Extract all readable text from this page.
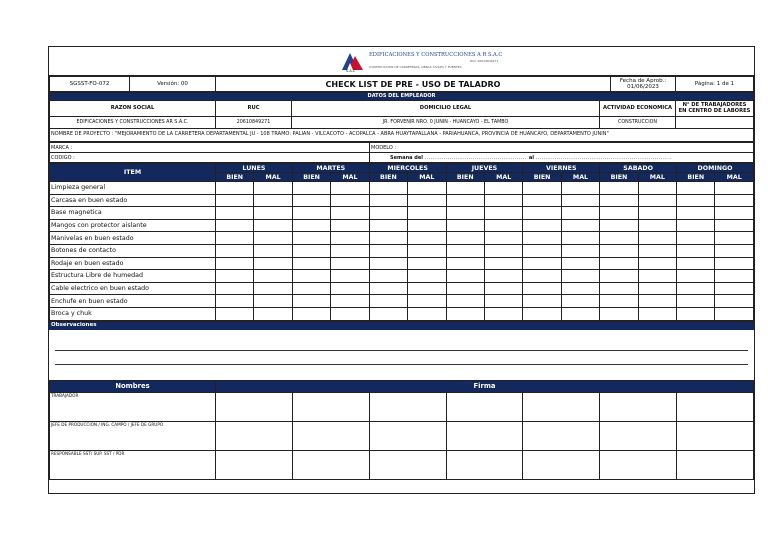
EDIFICACIONES Y CONSTRUCCIONES A R S.A.C
RUC 20610849271
CONSTRUCCION DE CARRETERAS, OBRAS CIVILES Y PUENTES
S.A.C
SGSST-FO-072	Versión: 00	CHECK LIST DE PRE - USO DE TALADRO	Fecha de Aprob.:
01/06/2023	Página: 1 de 1
DATOS DEL EMPLEADOR				
RAZON SOCIAL	RUC	DOMICILIO LEGAL	ACTIVIDAD ECONOMICA	N° DE TRABAJADORES EN CENTRO DE LABORES
EDIFICACIONES Y CONSTRUCCIONES AR S.A.C.	20610849271	JR. FORVENIR NRO. 0 JUNIN - HUANCAYO - EL TAMBO	CONSTRUCCION	
NOMBRE DE PROYECTO : "MEJORAMIENTO DE LA CARRETERA DEPARTAMENTAL JU - 108 TRAMO: PALIAN - VILCACOTO - ACOPALCA - ABRA HUAYTAPALLANA - PARIAHUANCA, PROVINCIA DE HUANCAYO, DEPARTAMENTO JUNIN"				
MARCA :	MODELO :
CODIGO :	Semana del ................................................. al .................................................................
ITEM	LUNES		MARTES		MIERCOLES		JUEVES		VIERNES		SABADO		DOMINGO	
	BIEN	MAL	BIEN	MAL	BIEN	MAL	BIEN	MAL	BIEN	MAL	BIEN	MAL	BIEN	MAL
Limpieza general														
Carcasa en buen estado														
Base magnetica														
Mangos con protector aislante														
Manivelas en buen estado														
Botones de contacto														
Rodaje en buen estado														
Estructura Libre de humedad														
Cable electrico en buen estado														
Enchufe en buen estado														
Broca y chuk														
Observaciones
Nombres	Firma						
TRABAJADOR							
JEFE DE PRODUCCION / ING. CAMPO / JEFE DE GRUPO							
RESPONSABLE SST/ SUP. SST / PDR							
